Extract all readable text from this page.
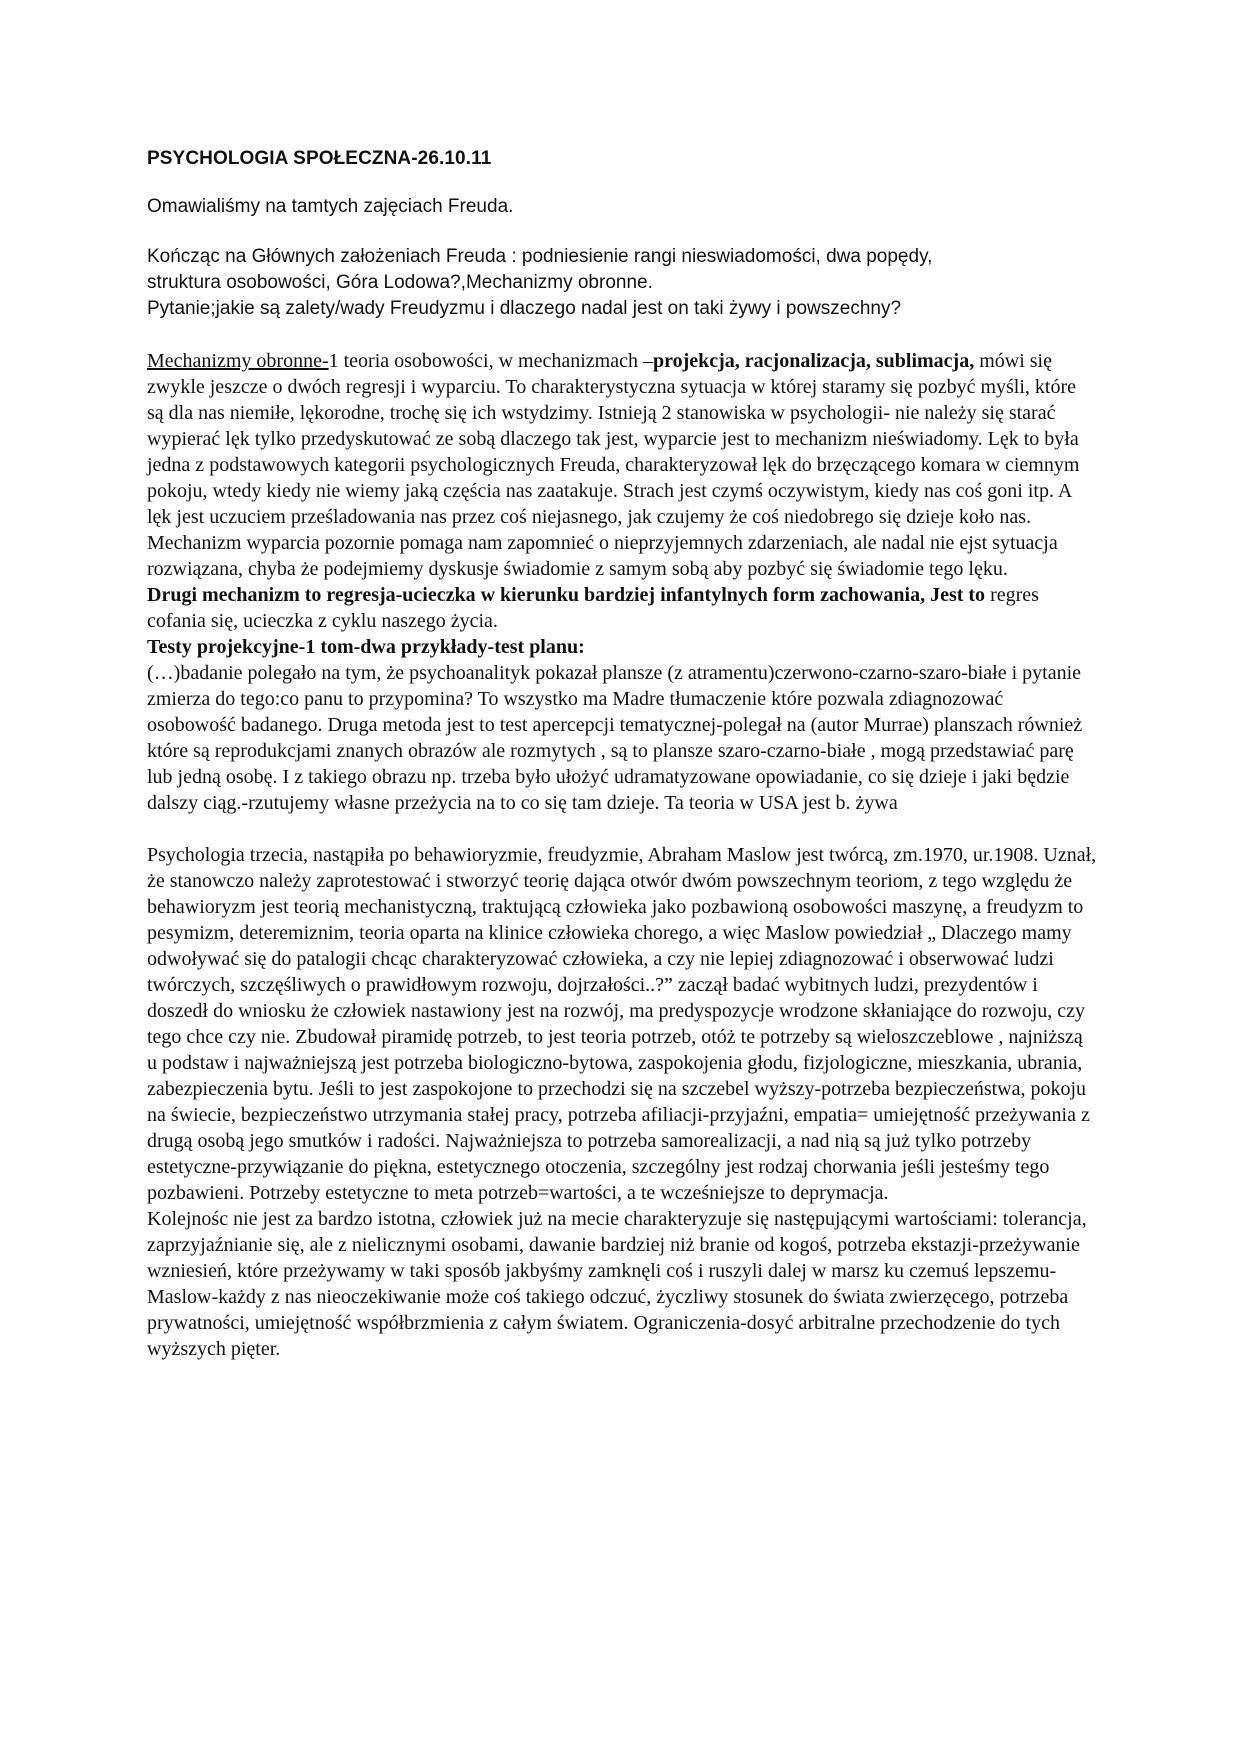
PSYCHOLOGIA SPOŁECZNA-26.10.11
Omawialiśmy na tamtych zajęciach Freuda.
Kończąc na Głównych założeniach Freuda : podniesienie rangi nieswiadomości, dwa popędy,
struktura osobowości, Góra Lodowa?,Mechanizmy obronne.
Pytanie;jakie są zalety/wady Freudyzmu i dlaczego nadal jest on taki żywy i powszechny?

Mechanizmy obronne-1 teoria osobowości, w mechanizmach –projekcja, racjonalizacja, sublimacja, mówi się zwykle jeszcze o dwóch regresji i wyparciu. To charakterystyczna sytuacja w której staramy się pozbyć myśli, które są dla nas niemiłe, lękorodne, trochę się ich wstydzimy. Istnieją 2 stanowiska w psychologii- nie należy się starać wypierać lęk tylko przedyskutować ze sobą dlaczego tak jest, wyparcie jest to mechanizm nieświadomy. Lęk to była jedna z podstawowych kategorii psychologicznych Freuda, charakteryzował lęk do brzęczącego komara w ciemnym pokoju, wtedy kiedy nie wiemy jaką częścia nas zaatakuje. Strach jest czymś oczywistym, kiedy nas coś goni itp. A lęk jest uczuciem prześladowania nas przez coś niejasnego, jak czujemy że coś niedobrego się dzieje koło nas. Mechanizm wyparcia pozornie pomaga nam zapomnieć o nieprzyjemnych zdarzeniach, ale nadal nie ejst sytuacja rozwiązana, chyba że podejmiemy dyskusje świadomie z samym sobą aby pozbyć się świadomie tego lęku.

Drugi mechanizm to regresja-ucieczka w kierunku bardziej infantylnych form zachowania, Jest to regres cofania się, ucieczka z cyklu naszego życia.

Testy projekcyjne-1 tom-dwa przykłady-test planu:
(…)badanie polegało na tym, że psychoanalityk pokazał plansze (z atramentu)czerwono-czarno-szaro-białe i pytanie zmierza do tego:co panu to przypomina? To wszystko ma Madre tłumaczenie które pozwala zdiagnozować osobowość badanego. Druga metoda jest to test apercepcji tematycznej-polegał na (autor Murrae) planszach również które są reprodukcjami znanych obrazów ale rozmytych , są to plansze szaro-czarno-białe , mogą przedstawiać parę lub jedną osobę. I z takiego obrazu np. trzeba było ułożyć udramatyzowane opowiadanie, co się dzieje i jaki będzie dalszy ciąg.-rzutujemy własne przeżycia na to co się tam dzieje. Ta teoria w USA jest b. żywa

Psychologia trzecia, nastąpiła po behawioryzmie, freudyzmie, Abraham Maslow jest twórcą, zm.1970, ur.1908. Uznał, że stanowczo należy zaprotestować i stworzyć teorię dająca otwór dwóm powszechnym teoriom, z tego względu że behawioryzm jest teorią mechanistyczną, traktującą człowieka jako pozbawioną osobowości maszynę, a freudyzm to pesymizm, deteremiznim, teoria oparta na klinice człowieka chorego, a więc Maslow powiedział „ Dlaczego mamy odwoływać się do patalogii chcąc charakteryzować człowieka, a czy nie lepiej zdiagnozować i obserwować ludzi twórczych, szczęśliwych o prawidłowym rozwoju, dojrzałości..?” zaczął badać wybitnych ludzi, prezydentów i doszedł do wniosku że człowiek nastawiony jest na rozwój, ma predyspozycje wrodzone skłaniające do rozwoju, czy tego chce czy nie. Zbudował piramidę potrzeb, to jest teoria potrzeb, otóż te potrzeby są wieloszczeblowe , najniższą u podstaw i najważniejszą jest potrzeba biologiczno-bytowa, zaspokojenia głodu, fizjologiczne, mieszkania, ubrania, zabezpieczenia bytu. Jeśli to jest zaspokojone to przechodzi się na szczebel wyższy-potrzeba bezpieczeństwa, pokoju na świecie, bezpieczeństwo utrzymania stałej pracy, potrzeba afiliacji-przyjaźni, empatia= umiejętność przeżywania z drugą osobą jego smutków i radości. Najważniejsza to potrzeba samorealizacji, a nad nią są już tylko potrzeby estetyczne-przywiązanie do piękna, estetycznego otoczenia, szczególny jest rodzaj chorwania jeśli jesteśmy tego pozbawieni. Potrzeby estetyczne to meta potrzeb=wartości, a te wcześniejsze to deprymacja.

Kolejnośc nie jest za bardzo istotna, człowiek już na mecie charakteryzuje się następującymi wartościami: tolerancja, zaprzyjaźnianie się, ale z nielicznymi osobami, dawanie bardziej niż branie od kogoś, potrzeba ekstazji-przeżywanie wzniesień, które przeżywamy w taki sposób jakbyśmy zamknęli coś i ruszyli dalej w marsz ku czemuś lepszemu-Maslow-każdy z nas nieoczekiwanie może coś takiego odczuć, życzliwy stosunek do świata zwierzęcego, potrzeba prywatności, umiejętność współbrzmienia z całym światem. Ograniczenia-dosyć arbitralne przechodzenie do tych wyższych pięter.
